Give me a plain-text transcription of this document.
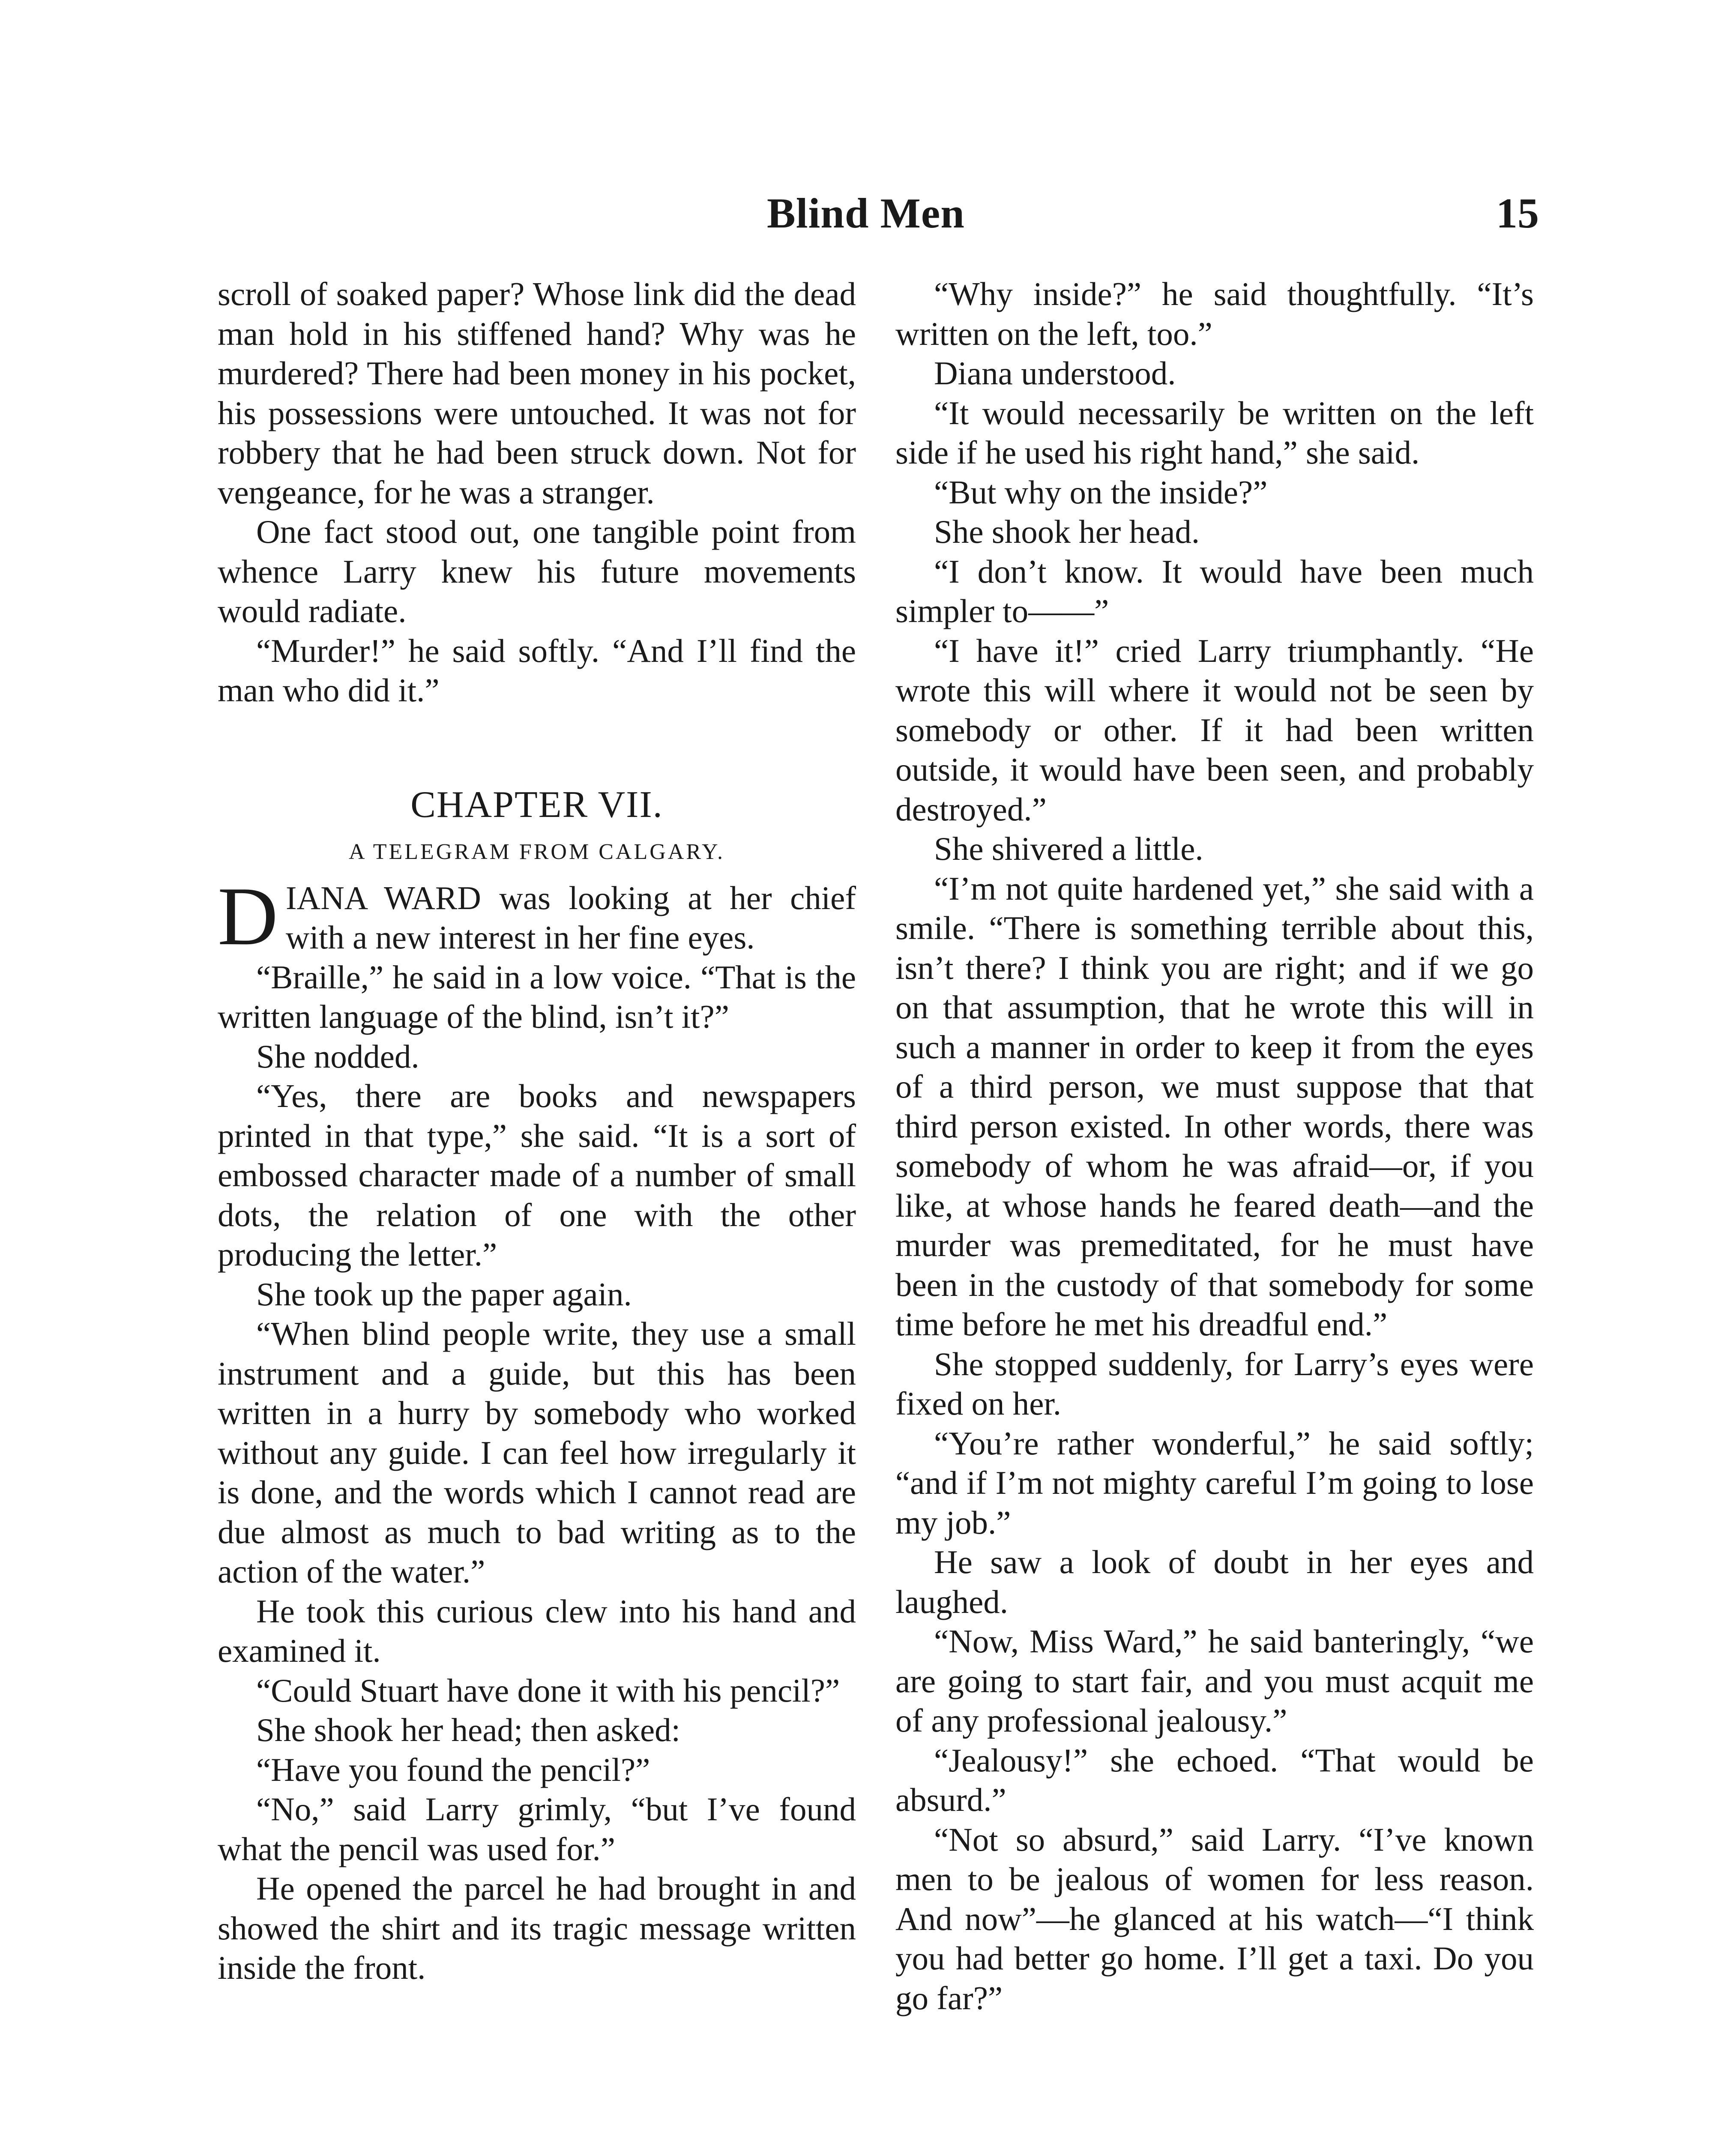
Blind Men	15

scroll of soaked paper? Whose link did the dead man hold in his stiffened hand? Why was he murdered? There had been money in his pocket, his possessions were untouched. It was not for robbery that he had been struck down. Not for vengeance, for he was a stranger.

One fact stood out, one tangible point from whence Larry knew his future movements would radiate.

“Murder!” he said softly. “And I’ll find the man who did it.”

CHAPTER VII.

A TELEGRAM FROM CALGARY.

DIANA WARD was looking at her chief with a new interest in her fine eyes.

“Braille,” he said in a low voice. “That is the written language of the blind, isn’t it?”

She nodded.

“Yes, there are books and newspapers printed in that type,” she said. “It is a sort of embossed character made of a number of small dots, the relation of one with the other producing the letter.”

She took up the paper again.

“When blind people write, they use a small instrument and a guide, but this has been written in a hurry by somebody who worked without any guide. I can feel how irregularly it is done, and the words which I cannot read are due almost as much to bad writing as to the action of the water.”

He took this curious clew into his hand and examined it.

“Could Stuart have done it with his pencil?”

She shook her head; then asked:

“Have you found the pencil?”

“No,” said Larry grimly, “but I’ve found what the pencil was used for.”

He opened the parcel he had brought in and showed the shirt and its tragic message written inside the front.

“Why inside?” he said thoughtfully. “It’s written on the left, too.”

Diana understood.

“It would necessarily be written on the left side if he used his right hand,” she said.

“But why on the inside?”

She shook her head.

“I don’t know. It would have been much simpler to——”

“I have it!” cried Larry triumphantly. “He wrote this will where it would not be seen by somebody or other. If it had been written outside, it would have been seen, and probably destroyed.”

She shivered a little.

“I’m not quite hardened yet,” she said with a smile. “There is something terrible about this, isn’t there? I think you are right; and if we go on that assumption, that he wrote this will in such a manner in order to keep it from the eyes of a third person, we must suppose that that third person existed. In other words, there was somebody of whom he was afraid—or, if you like, at whose hands he feared death—and the murder was premeditated, for he must have been in the custody of that somebody for some time before he met his dreadful end.”

She stopped suddenly, for Larry’s eyes were fixed on her.

“You’re rather wonderful,” he said softly; “and if I’m not mighty careful I’m going to lose my job.”

He saw a look of doubt in her eyes and laughed.

“Now, Miss Ward,” he said banteringly, “we are going to start fair, and you must acquit me of any professional jealousy.”

“Jealousy!” she echoed. “That would be absurd.”

“Not so absurd,” said Larry. “I’ve known men to be jealous of women for less reason. And now”—he glanced at his watch—“I think you had better go home. I’ll get a taxi. Do you go far?”
